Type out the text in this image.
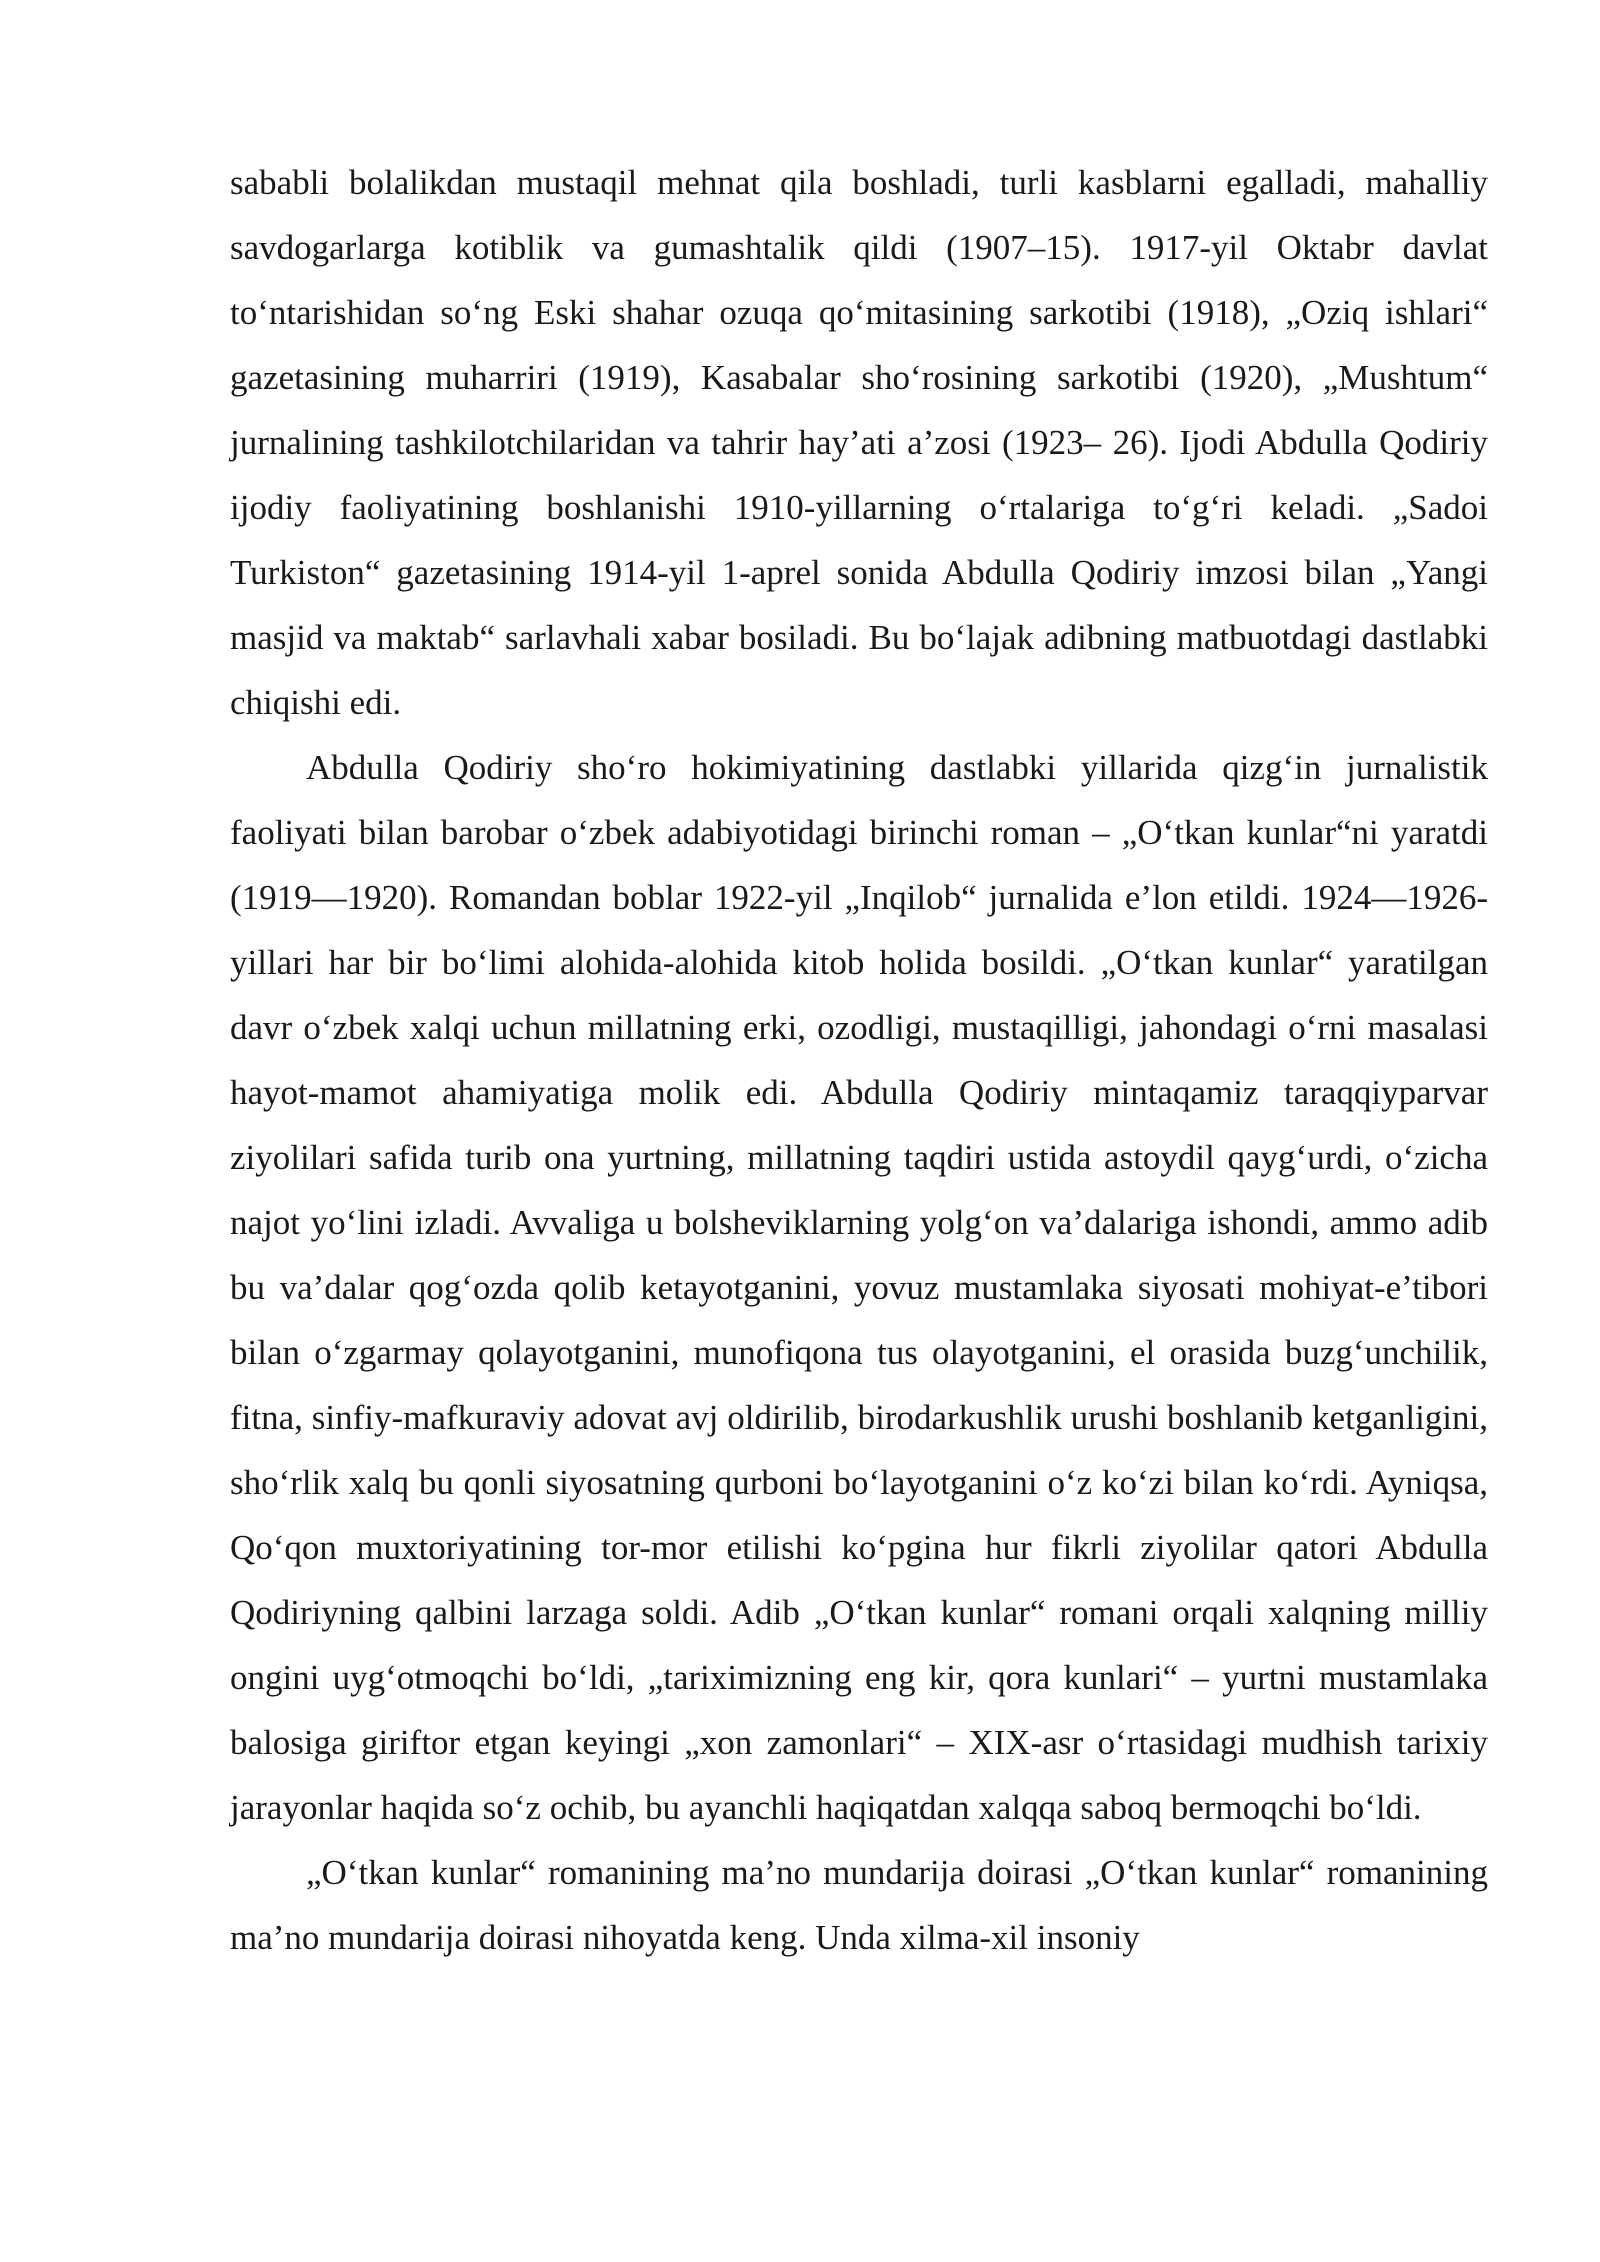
sababli bolalikdan mustaqil mehnat qila boshladi, turli kasblarni egalladi, mahalliy savdogarlarga kotiblik va gumashtalik qildi (1907–15). 1917-yil Oktabr davlat to‘ntarishidan so‘ng Eski shahar ozuqa qo‘mitasining sarkotibi (1918), „Oziq ishlari“ gazetasining muharriri (1919), Kasabalar sho‘rosining sarkotibi (1920), „Mushtum“ jurnalining tashkilotchilaridan va tahrir hay’ati a’zosi (1923– 26). Ijodi Abdulla Qodiriy ijodiy faoliyatining boshlanishi 1910-yillarning o‘rtalariga to‘g‘ri keladi. „Sadoi Turkiston“ gazetasining 1914-yil 1-aprel sonida Abdulla Qodiriy imzosi bilan „Yangi masjid va maktab“ sarlavhali xabar bosiladi. Bu bo‘lajak adibning matbuotdagi dastlabki chiqishi edi.

Abdulla Qodiriy sho‘ro hokimiyatining dastlabki yillarida qizg‘in jurnalistik faoliyati bilan barobar o‘zbek adabiyotidagi birinchi roman – „O‘tkan kunlar“ni yaratdi (1919—1920). Romandan boblar 1922-yil „Inqilob“ jurnalida e’lon etildi. 1924—1926-yillari har bir bo‘limi alohida-alohida kitob holida bosildi. „O‘tkan kunlar“ yaratilgan davr o‘zbek xalqi uchun millatning erki, ozodligi, mustaqilligi, jahondagi o‘rni masalasi hayot-mamot ahamiyatiga molik edi. Abdulla Qodiriy mintaqamiz taraqqiyparvar ziyolilari safida turib ona yurtning, millatning taqdiri ustida astoydil qayg‘urdi, o‘zicha najot yo‘lini izladi. Avvaliga u bolsheviklarning yolg‘on va’dalariga ishondi, ammo adib bu va’dalar qog‘ozda qolib ketayotganini, yovuz mustamlaka siyosati mohiyat-e’tibori bilan o‘zgarmay qolayotganini, munofiqona tus olayotganini, el orasida buzg‘unchilik, fitna, sinfiy-mafkuraviy adovat avj oldirilib, birodarkushlik urushi boshlanib ketganligini, sho‘rlik xalq bu qonli siyosatning qurboni bo‘layotganini o‘z ko‘zi bilan ko‘rdi. Ayniqsa, Qo‘qon muxtoriyatining tor-mor etilishi ko‘pgina hur fikrli ziyolilar qatori Abdulla Qodiriyning qalbini larzaga soldi. Adib „O‘tkan kunlar“ romani orqali xalqning milliy ongini uyg‘otmoqchi bo‘ldi, „tariximizning eng kir, qora kunlari“ – yurtni mustamlaka balosiga giriftor etgan keyingi „xon zamonlari“ – XIX-asr o‘rtasidagi mudhish tarixiy jarayonlar haqida so‘z ochib, bu ayanchli haqiqatdan xalqqa saboq bermoqchi bo‘ldi.

„O‘tkan kunlar“ romanining ma’no mundarija doirasi „O‘tkan kunlar“ romanining ma’no mundarija doirasi nihoyatda keng. Unda xilma-xil insoniy
